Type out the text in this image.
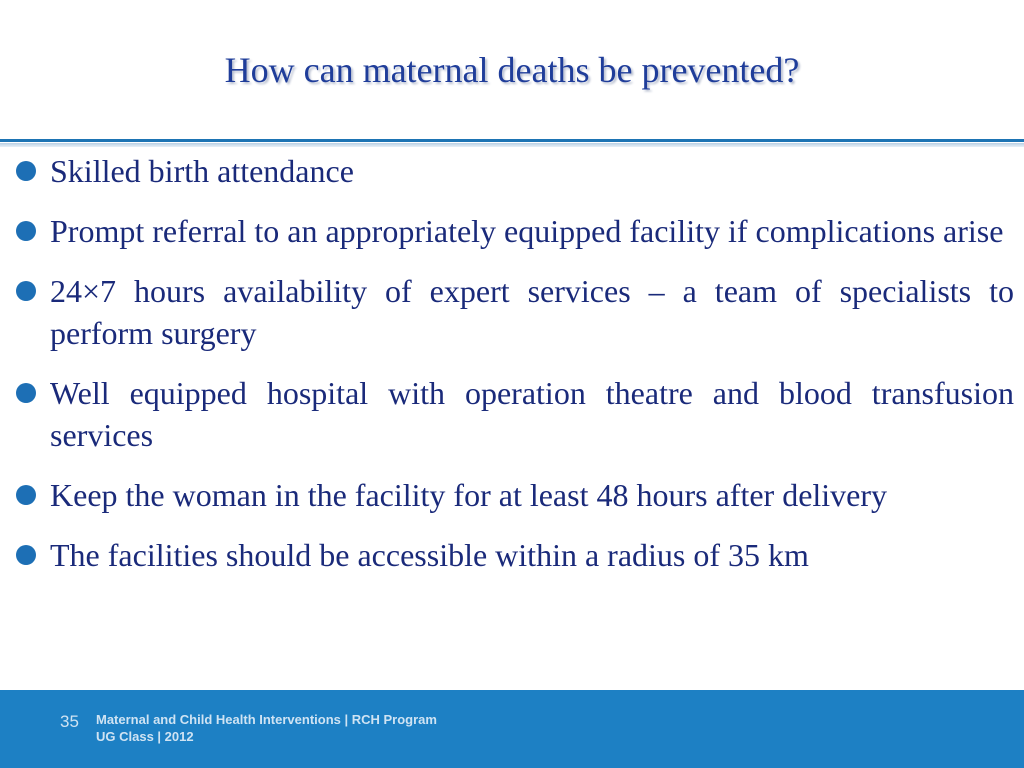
How can maternal deaths be prevented?
Skilled birth attendance
Prompt referral to an appropriately equipped facility if complications arise
24×7 hours availability of expert services – a team of specialists to perform surgery
Well equipped hospital with operation theatre and blood transfusion services
Keep the woman in the facility for at least 48 hours after delivery
The facilities should be accessible within a radius of 35 km
35 Maternal and Child Health Interventions | RCH Program
UG Class | 2012
